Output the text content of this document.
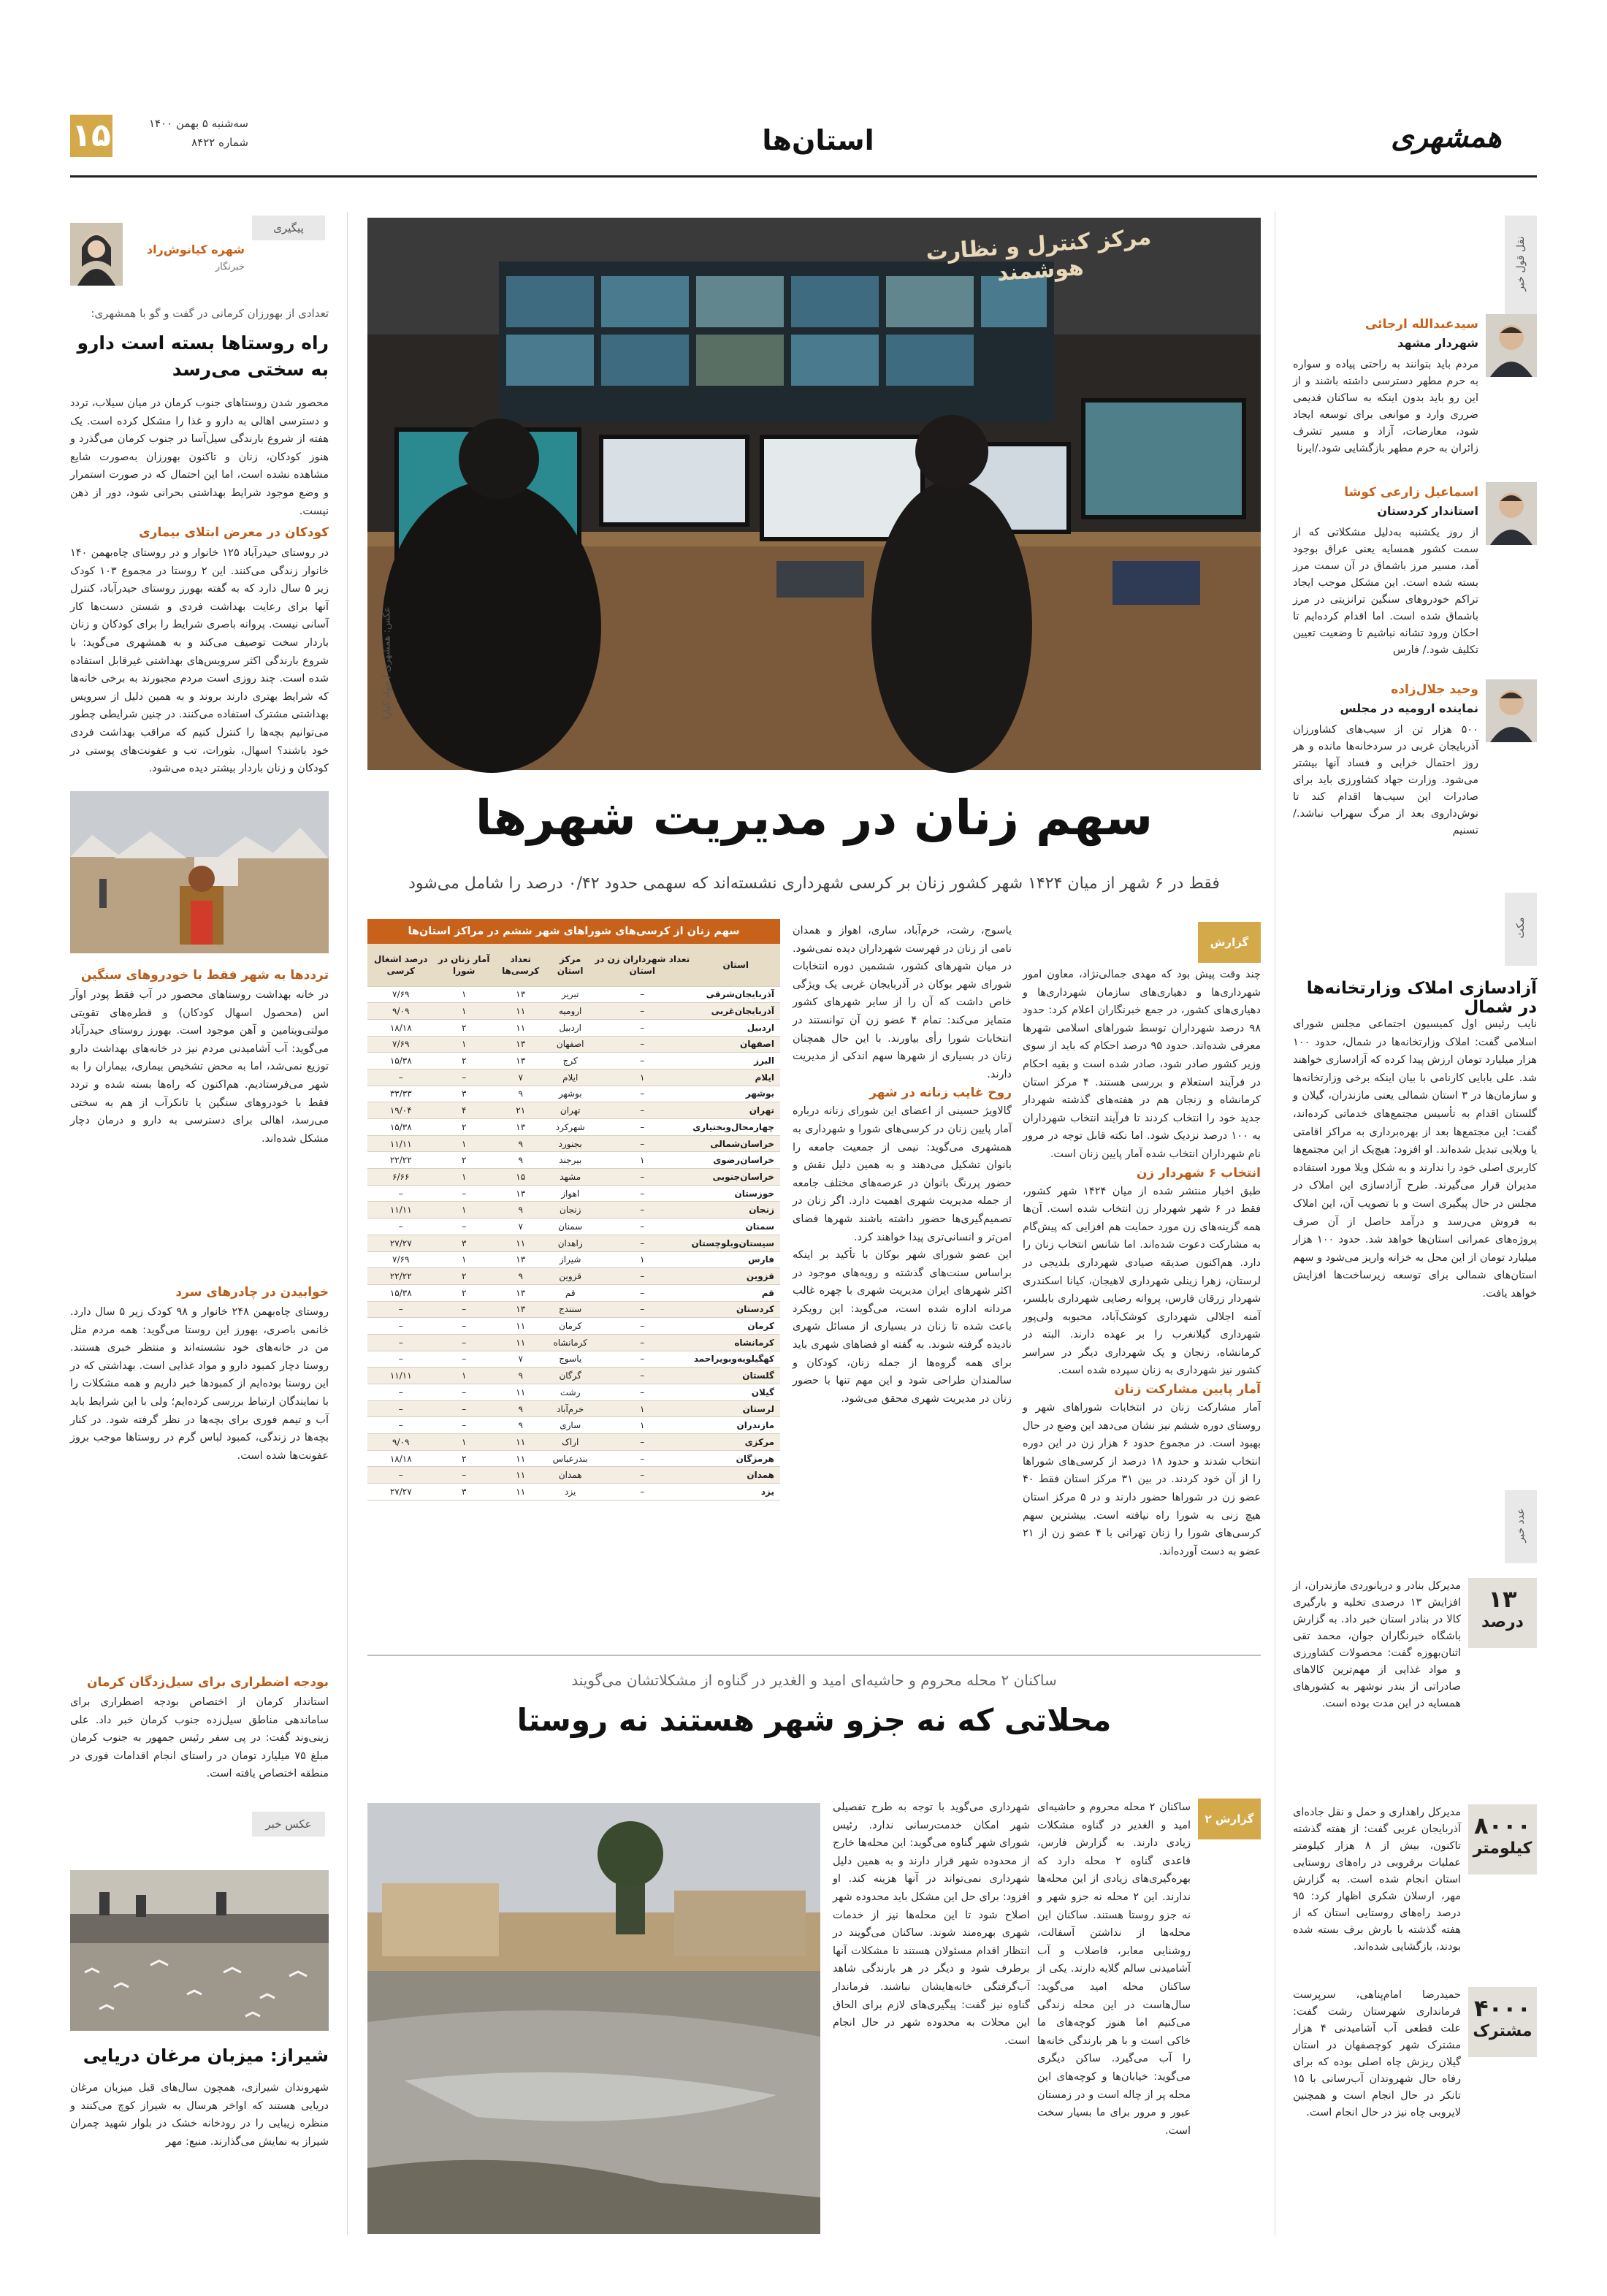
۱۵	سه‌شنبه ۵ بهمن ۱۴۰۰
شماره ۸۴۲۲	استان‌ها	همشهری
پیگیری
شهره کیانوش‌راد
خبرنگار
تعدادی از بهورزان کرمانی در گفت و گو با همشهری:
راه روستاها بسته است دارو به سختی می‌رسد
محصور شدن روستاهای جنوب کرمان در میان سیلاب، تردد و دسترسی اهالی به دارو و غذا را مشکل کرده است. یک هفته از شروع بارندگی سیل‌آسا در جنوب کرمان می‌گذرد و هنوز کودکان، زنان و تاکنون بهورزان به‌صورت شایع مشاهده نشده است، اما این احتمال که در صورت استمرار و وضع موجود شرایط بهداشتی بحرانی شود، دور از ذهن نیست.
کودکان در معرض ابتلای بیماری
در روستای حیدرآباد ۱۲۵ خانوار و در روستای چاه‌بهمن ۱۴۰ خانوار زندگی می‌کنند. این ۲ روستا در مجموع ۱۰۳ کودک زیر ۵ سال دارد که به گفته بهورز روستای حیدرآباد، کنترل آنها برای رعایت بهداشت فردی و شستن دست‌ها کار آسانی نیست. پروانه باصری شرایط را برای کودکان و زنان باردار سخت توصیف می‌کند و به همشهری می‌گوید: با شروع بارندگی اکثر سرویس‌های بهداشتی غیرقابل استفاده شده است. چند روزی است مردم مجبورند به برخی خانه‌ها که شرایط بهتری دارند بروند و به همین دلیل از سرویس بهداشتی مشترک استفاده می‌کنند. در چنین شرایطی چطور می‌توانیم بچه‌ها را کنترل کنیم که مراقب بهداشت فردی خود باشند؟ اسهال، بثورات، تب و عفونت‌های پوستی در کودکان و زنان باردار بیشتر دیده می‌شود.
ترددها به شهر فقط با خودروهای سنگین
در خانه بهداشت روستاهای محصور در آب فقط پودر اوآر اس (محصول اسهال کودکان) و قطره‌های تقویتی مولتی‌ویتامین و آهن موجود است. بهورز روستای حیدرآباد می‌گوید: آب آشامیدنی مردم نیز در خانه‌های بهداشت دارو توزیع نمی‌شد، اما به محض تشخیص بیماری، بیماران را به شهر می‌فرستادیم. هم‌اکنون که راه‌ها بسته شده و تردد فقط با خودروهای سنگین یا تانکرآب از هم به سختی می‌رسد، اهالی برای دسترسی به دارو و درمان دچار مشکل شده‌اند.
خوابیدن در چادرهای سرد
روستای چاه‌بهمن ۲۴۸ خانوار و ۹۸ کودک زیر ۵ سال دارد. خانمی باصری، بهورز این روستا می‌گوید: همه مردم مثل من در خانه‌های خود نشسته‌اند و منتظر خبری هستند. روستا دچار کمبود دارو و مواد غذایی است. بهداشتی که در این روستا بوده‌ایم از کمبودها خبر داریم و همه مشکلات را با نمایندگان ارتباط بررسی کرده‌ایم؛ ولی با این شرایط باید آب و تیمم فوری برای بچه‌ها در نظر گرفته شود. در کنار بچه‌ها در زندگی، کمبود لباس گرم در روستاها موجب بروز عفونت‌ها شده است.
بودجه اضطراری برای سیل‌زدگان کرمان
استاندار کرمان از اختصاص بودجه اضطراری برای ساماندهی مناطق سیل‌زده جنوب کرمان خبر داد. علی زینی‌وند گفت: در پی سفر رئیس جمهور به جنوب کرمان مبلغ ۷۵ میلیارد تومان در راستای انجام اقدامات فوری در منطقه اختصاص یافته است.
عکس خبر
شیراز: میزبان مرغان دریایی
شهروندان شیرازی، همچون سال‌های قبل میزبان مرغان دریایی هستند که اواخر هرسال به شیراز کوچ می‌کنند و منظره زیبایی را در رودخانه خشک در بلوار شهید چمران شیراز به نمایش می‌گذارند. منبع: مهر
مرکز کنترل و نظارت هوشمند
عکس: همشهری / جواد کیارا
سهم زنان در مدیریت شهرها
فقط در ۶ شهر از میان ۱۴۲۴ شهر کشور زنان بر کرسی شهرداری نشسته‌اند که سهمی حدود ۰/۴۲ درصد را شامل می‌شود
سهم زنان از کرسی‌های شوراهای شهر ششم در مراکز استان‌ها
استان	تعداد شهرداران زن در استان	مرکز استان	تعداد کرسی‌ها	آمار زنان در شورا	درصد اشغال کرسی
آذربایجان‌شرقی	–	تبریز	۱۳	۱	۷/۶۹
آذربایجان‌غربی	–	ارومیه	۱۱	۱	۹/۰۹
اردبیل	–	اردبیل	۱۱	۲	۱۸/۱۸
اصفهان	–	اصفهان	۱۳	۱	۷/۶۹
البرز	–	کرج	۱۳	۲	۱۵/۳۸
ایلام	۱	ایلام	۷	–	–
بوشهر	–	بوشهر	۹	۳	۳۳/۳۳
تهران	–	تهران	۲۱	۴	۱۹/۰۴
چهارمحال‌وبختیاری	–	شهرکرد	۱۳	۲	۱۵/۳۸
خراسان‌شمالی	–	بجنورد	۹	۱	۱۱/۱۱
خراسان‌رضوی	۱	بیرجند	۹	۲	۲۲/۲۲
خراسان‌جنوبی	–	مشهد	۱۵	۱	۶/۶۶
خوزستان	–	اهواز	۱۳	–	–
زنجان	–	زنجان	۹	۱	۱۱/۱۱
سمنان	–	سمنان	۷	–	–
سیستان‌وبلوچستان	–	زاهدان	۱۱	۳	۲۷/۲۷
فارس	۱	شیراز	۱۳	۱	۷/۶۹
قزوین	–	قزوین	۹	۲	۲۲/۲۲
قم	–	قم	۱۳	۲	۱۵/۳۸
کردستان	–	سنندج	۱۳	–	–
کرمان	–	کرمان	۱۱	–	–
کرمانشاه	–	کرمانشاه	۱۱	–	–
کهگیلویه‌وبویراحمد	–	یاسوج	۷	–	–
گلستان	–	گرگان	۹	۱	۱۱/۱۱
گیلان	–	رشت	۱۱	–	–
لرستان	۱	خرم‌آباد	۹	–	–
مازندران	۱	ساری	۹	–	–
مرکزی	–	اراک	۱۱	۱	۹/۰۹
هرمزگان	–	بندرعباس	۱۱	۲	۱۸/۱۸
همدان	–	همدان	۱۱	–	–
یزد	–	یزد	۱۱	۳	۲۷/۲۷
گزارش

چند وقت پیش بود که مهدی جمالی‌نژاد، معاون امور شهرداری‌ها و دهیاری‌های سازمان شهرداری‌ها و دهیاری‌های کشور، در جمع خبرنگاران اعلام کرد: حدود ۹۸ درصد شهرداران توسط شوراهای اسلامی شهرها معرفی شده‌اند. حدود ۹۵ درصد احکام که باید از سوی وزیر کشور صادر شود، صادر شده است و بقیه احکام در فرآیند استعلام و بررسی هستند. ۴ مرکز استان کرمانشاه و زنجان هم در هفته‌های گذشته شهردار جدید خود را انتخاب کردند تا فرآیند انتخاب شهرداران به ۱۰۰ درصد نزدیک شود. اما نکته قابل توجه در مرور نام شهرداران انتخاب شده آمار پایین زنان است.

انتخاب ۶ شهردار زن

طبق اخبار منتشر شده از میان ۱۴۲۴ شهر کشور، فقط در ۶ شهر شهردار زن انتخاب شده است. آن‌ها همه گزینه‌های زن مورد حمایت هم افزایی که پیش‌گام به مشارکت دعوت شده‌اند. اما شانس انتخاب زنان را دارد. هم‌اکنون صدیقه صیادی شهرداری بلدیجی در لرستان، زهرا زینلی شهرداری لاهیجان، کیانا اسکندری شهردار زرقان فارس، پروانه رضایی شهرداری بابلسر، آمنه اجلالی شهرداری کوشک‌آباد، محبوبه ولی‌پور شهرداری گیلانغرب را بر عهده دارند. البته در کرمانشاه، زنجان و یک شهرداری دیگر در سراسر کشور نیز شهرداری به زنان سپرده شده است.

آمار پایین مشارکت زنان

آمار مشارکت زنان در انتخابات شوراهای شهر و روستای دوره ششم نیز نشان می‌دهد این وضع در حال بهبود است. در مجموع حدود ۶ هزار زن در این دوره انتخاب شدند و حدود ۱۸ درصد از کرسی‌های شوراها را از آن خود کردند. در بین ۳۱ مرکز استان فقط ۴۰ عضو زن در شوراها حضور دارند و در ۵ مرکز استان هیچ زنی به شورا راه نیافته است. بیشترین سهم کرسی‌های شورا را زنان تهرانی با ۴ عضو زن از ۲۱ عضو به دست آورده‌اند.

یاسوج، رشت، خرم‌آباد، ساری، اهواز و همدان نامی از زنان در فهرست شهرداران دیده نمی‌شود. در میان شهرهای کشور، ششمین دوره انتخابات شورای شهر بوکان در آذربایجان غربی یک ویژگی خاص داشت که آن را از سایر شهرهای کشور متمایز می‌کند: تمام ۴ عضو زن آن توانستند در انتخابات شورا رأی بیاورند. با این حال همچنان زنان در بسیاری از شهرها سهم اندکی از مدیریت دارند.

روح غایب زنانه در شهر

گالاویژ حسینی از اعضای این شورای زنانه درباره آمار پایین زنان در کرسی‌های شورا و شهرداری به همشهری می‌گوید: نیمی از جمعیت جامعه را بانوان تشکیل می‌دهند و به همین دلیل نقش و حضور پررنگ بانوان در عرصه‌های مختلف جامعه از جمله مدیریت شهری اهمیت دارد. اگر زنان در تصمیم‌گیری‌ها حضور داشته باشند شهرها فضای امن‌تر و انسانی‌تری پیدا خواهند کرد.

این عضو شورای شهر بوکان با تأکید بر اینکه براساس سنت‌های گذشته و رویه‌های موجود در اکثر شهرهای ایران مدیریت شهری با چهره غالب مردانه اداره شده است، می‌گوید: این رویکرد باعث شده تا زنان در بسیاری از مسائل شهری نادیده گرفته شوند. به گفته او فضاهای شهری باید برای همه گروه‌ها از جمله زنان، کودکان و سالمندان طراحی شود و این مهم تنها با حضور زنان در مدیریت شهری محقق می‌شود.

ساکنان ۲ محله محروم و حاشیه‌ای امید و الغدیر در گناوه از مشکلاتشان می‌گویند
محلاتی که نه جزو شهر هستند نه روستا
گزارش ۲
ساکنان ۲ محله محروم و حاشیه‌ای امید و الغدیر در گناوه مشکلات زیادی دارند. به گزارش فارس، قاعدی گناوه ۲ محله دارد که بهره‌گیری‌های زیادی از این محله‌ها ندارند. این ۲ محله نه جزو شهر و نه جزو روستا هستند. ساکنان این محله‌ها از نداشتن آسفالت، روشنایی معابر، فاضلاب و آب آشامیدنی سالم گلایه دارند. یکی از ساکنان محله امید می‌گوید: سال‌هاست در این محله زندگی می‌کنیم اما هنوز کوچه‌های ما خاکی است و با هر بارندگی خانه‌ها را آب می‌گیرد. ساکن دیگری می‌گوید: خیابان‌ها و کوچه‌های این محله پر از چاله است و در زمستان عبور و مرور برای ما بسیار سخت است.
شهرداری می‌گوید با توجه به طرح تفصیلی شهر امکان خدمت‌رسانی ندارد. رئیس شورای شهر گناوه می‌گوید: این محله‌ها خارج از محدوده شهر قرار دارند و به همین دلیل شهرداری نمی‌تواند در آنها هزینه کند. او افزود: برای حل این مشکل باید محدوده شهر اصلاح شود تا این محله‌ها نیز از خدمات شهری بهره‌مند شوند. ساکنان می‌گویند در انتظار اقدام مسئولان هستند تا مشکلات آنها برطرف شود و دیگر در هر بارندگی شاهد آب‌گرفتگی خانه‌هایشان نباشند. فرماندار گناوه نیز گفت: پیگیری‌های لازم برای الحاق این محلات به محدوده شهر در حال انجام است.
نقل قول خبر
سیدعبدالله ارجائی
شهردار مشهد
مردم باید بتوانند به راحتی پیاده و سواره به حرم مطهر دسترسی داشته باشند و از این رو باید بدون اینکه به ساکنان قدیمی ضرری وارد و موانعی برای توسعه ایجاد شود، معارضات، آزاد و مسیر تشرف زائران به حرم مطهر بازگشایی شود./ایرنا
اسماعیل زارعی کوشا
استاندار کردستان
از روز یکشنبه به‌دلیل مشکلاتی که از سمت کشور همسایه یعنی عراق بوجود آمد، مسیر مرز باشماق در آن سمت مرز بسته شده است. این مشکل موجب ایجاد تراکم خودروهای سنگین ترانزیتی در مرز باشماق شده است. اما اقدام کرده‌ایم تا احکان ورود تشانه نباشیم تا وضعیت تعیین تکلیف شود./ فارس
وحید جلال‌زاده
نماینده ارومیه در مجلس
۵۰۰ هزار تن از سیب‌های کشاورزان آذربایجان غربی در سردخانه‌ها مانده و هر روز احتمال خرابی و فساد آنها بیشتر می‌شود. وزارت جهاد کشاورزی باید برای صادرات این سیب‌ها اقدام کند تا نوش‌داروی بعد از مرگ سهراب نباشد./ تسنیم
مکث
آزادسازی املاک وزارتخانه‌ها در شمال
نایب رئیس اول کمیسیون اجتماعی مجلس شورای اسلامی گفت: املاک وزارتخانه‌ها در شمال، حدود ۱۰۰ هزار میلیارد تومان ارزش پیدا کرده که آزادسازی خواهند شد. علی بابایی کارنامی با بیان اینکه برخی وزارتخانه‌ها و سازمان‌ها در ۳ استان شمالی یعنی مازندران، گیلان و گلستان اقدام به تأسیس مجتمع‌های خدماتی کرده‌اند، گفت: این مجتمع‌ها بعد از بهره‌برداری به مراکز اقامتی یا ویلایی تبدیل شده‌اند. او افزود: هیچ‌یک از این مجتمع‌ها کاربری اصلی خود را ندارند و به شکل ویلا مورد استفاده مدیران قرار می‌گیرند. طرح آزادسازی این املاک در مجلس در حال پیگیری است و با تصویب آن، این املاک به فروش می‌رسد و درآمد حاصل از آن صرف پروژه‌های عمرانی استان‌ها خواهد شد. حدود ۱۰۰ هزار میلیارد تومان از این محل به خزانه واریز می‌شود و سهم استان‌های شمالی برای توسعه زیرساخت‌ها افزایش خواهد یافت.
عدد خبر
۱۳
درصد
مدیرکل بنادر و دریانوردی مازندران، از افزایش ۱۳ درصدی تخلیه و بارگیری کالا در بنادر استان خبر داد. به گزارش باشگاه خبرنگاران جوان، محمد تقی اثنان‌بهوزه گفت: محصولات کشاورزی و مواد غذایی از مهم‌ترین کالاهای صادراتی از بندر نوشهر به کشورهای همسایه در این مدت بوده است.
۸۰۰۰
کیلومتر
مدیرکل راهداری و حمل و نقل جاده‌ای آذربایجان غربی گفت: از هفته گذشته تاکنون، بیش از ۸ هزار کیلومتر عملیات برفروبی در راه‌های روستایی استان انجام شده است. به گزارش مهر، ارسلان شکری اظهار کرد: ۹۵ درصد راه‌های روستایی استان که از هفته گذشته با بارش برف بسته شده بودند، بازگشایی شده‌اند.
۴۰۰۰
مشترک
حمیدرضا امام‌پناهی، سرپرست فرمانداری شهرستان رشت گفت: علت قطعی آب آشامیدنی ۴ هزار مشترک شهر کوچصفهان در استان گیلان ریزش چاه اصلی بوده که برای رفاه حال شهروندان آب‌رسانی با ۱۵ تانکر در حال انجام است و همچنین لایروبی چاه نیز در حال انجام است.
